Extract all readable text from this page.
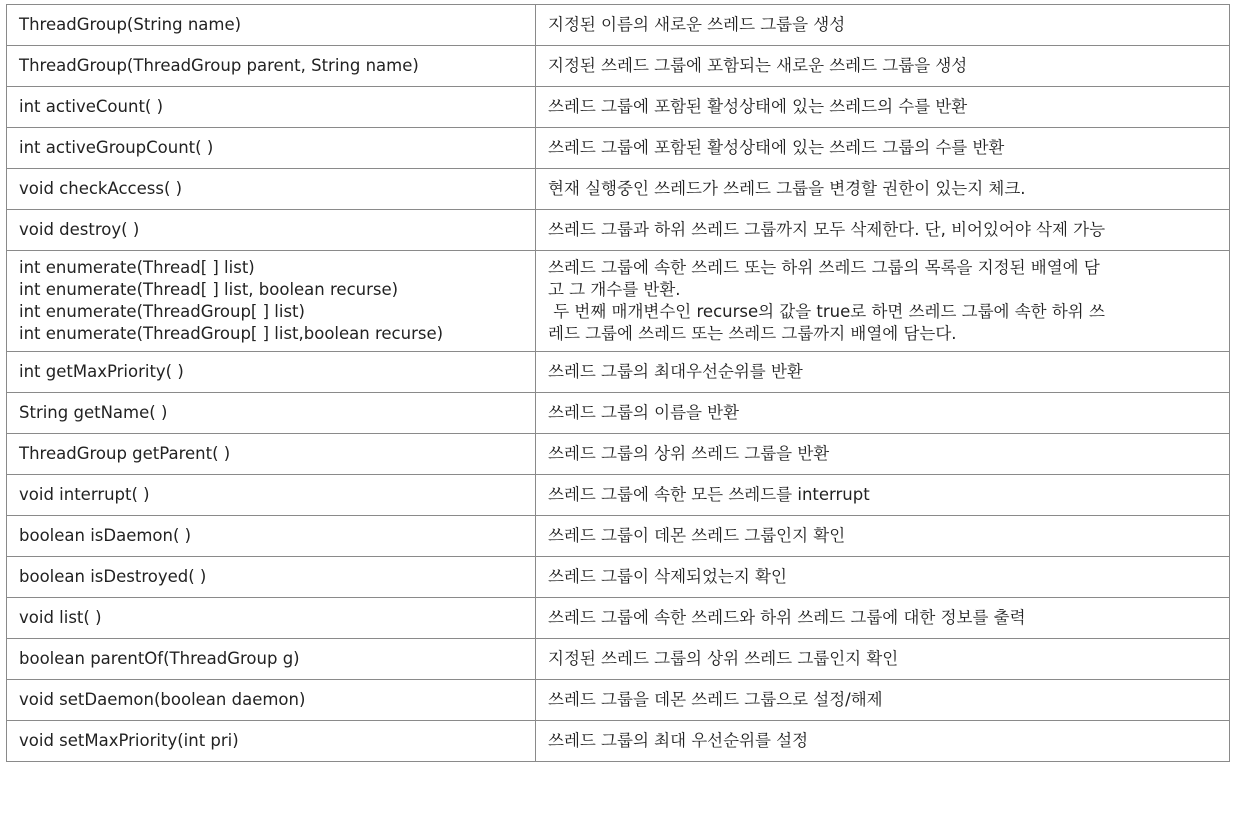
ThreadGroup(String name)	지정된 이름의 새로운 쓰레드 그룹을 생성

ThreadGroup(ThreadGroup parent, String name)	지정된 쓰레드 그룹에 포함되는 새로운 쓰레드 그룹을 생성

int activeCount( )	쓰레드 그룹에 포함된 활성상태에 있는 쓰레드의 수를 반환

int activeGroupCount( )	쓰레드 그룹에 포함된 활성상태에 있는 쓰레드 그룹의 수를 반환

void checkAccess( )	현재 실행중인 쓰레드가 쓰레드 그룹을 변경할 권한이 있는지 체크.

void destroy( )	쓰레드 그룹과 하위 쓰레드 그룹까지 모두 삭제한다. 단, 비어있어야 삭제 가능

int enumerate(Thread[ ] list)
int enumerate(Thread[ ] list, boolean recurse)
int enumerate(ThreadGroup[ ] list)
int enumerate(ThreadGroup[ ] list,boolean recurse)	쓰레드 그룹에 속한 쓰레드 또는 하위 쓰레드 그룹의 목록을 지정된 배열에 담
고 그 개수를 반환.
두 번째 매개변수인 recurse의 값을 true로 하면 쓰레드 그룹에 속한 하위 쓰
레드 그룹에 쓰레드 또는 쓰레드 그룹까지 배열에 담는다.

int getMaxPriority( )	쓰레드 그룹의 최대우선순위를 반환

String getName( )	쓰레드 그룹의 이름을 반환

ThreadGroup getParent( )	쓰레드 그룹의 상위 쓰레드 그룹을 반환

void interrupt( )	쓰레드 그룹에 속한 모든 쓰레드를 interrupt

boolean isDaemon( )	쓰레드 그룹이 데몬 쓰레드 그룹인지 확인

boolean isDestroyed( )	쓰레드 그룹이 삭제되었는지 확인

void list( )	쓰레드 그룹에 속한 쓰레드와 하위 쓰레드 그룹에 대한 정보를 출력

boolean parentOf(ThreadGroup g)	지정된 쓰레드 그룹의 상위 쓰레드 그룹인지 확인

void setDaemon(boolean daemon)	쓰레드 그룹을 데몬 쓰레드 그룹으로 설정/해제

void setMaxPriority(int pri)	쓰레드 그룹의 최대 우선순위를 설정
